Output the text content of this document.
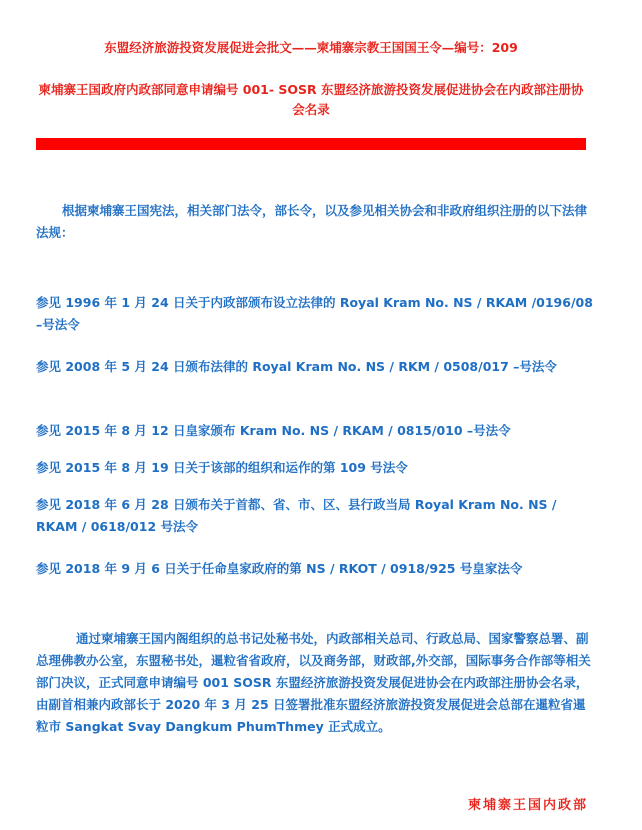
东盟经济旅游投资发展促进会批文——柬埔寨宗教王国国王令—编号：209
柬埔寨王国政府内政部同意申请编号 001- SOSR 东盟经济旅游投资发展促进协会在内政部注册协会名录
根据柬埔寨王国宪法，相关部门法令，部长令，以及参见相关协会和非政府组织注册的以下法律法规：
参见 1996 年 1 月 24 日关于内政部颁布设立法律的 Royal Kram No. NS / RKAM /0196/08 –号法令
参见 2008 年 5 月 24 日颁布法律的 Royal Kram No. NS / RKM / 0508/017 –号法令
参见 2015 年 8 月 12 日皇家颁布 Kram No. NS / RKAM / 0815/010 –号法令
参见 2015 年 8 月 19 日关于该部的组织和运作的第 109 号法令
参见 2018 年 6 月 28 日颁布关于首都、省、市、区、县行政当局 Royal Kram No. NS / RKAM / 0618/012 号法令
参见 2018 年 9 月 6 日关于任命皇家政府的第 NS / RKOT / 0918/925 号皇家法令
通过柬埔寨王国内阁组织的总书记处秘书处，内政部相关总司、行政总局、国家警察总署、副总理佛教办公室，东盟秘书处，暹粒省省政府，以及商务部，财政部,外交部，国际事务合作部等相关部门决议，正式同意申请编号 001 SOSR 东盟经济旅游投资发展促进协会在内政部注册协会名录，由副首相兼内政部长于 2020 年 3 月 25 日签署批准东盟经济旅游投资发展促进会总部在暹粒省暹粒市 Sangkat Svay Dangkum PhumThmey 正式成立。
柬埔寨王国内政部
